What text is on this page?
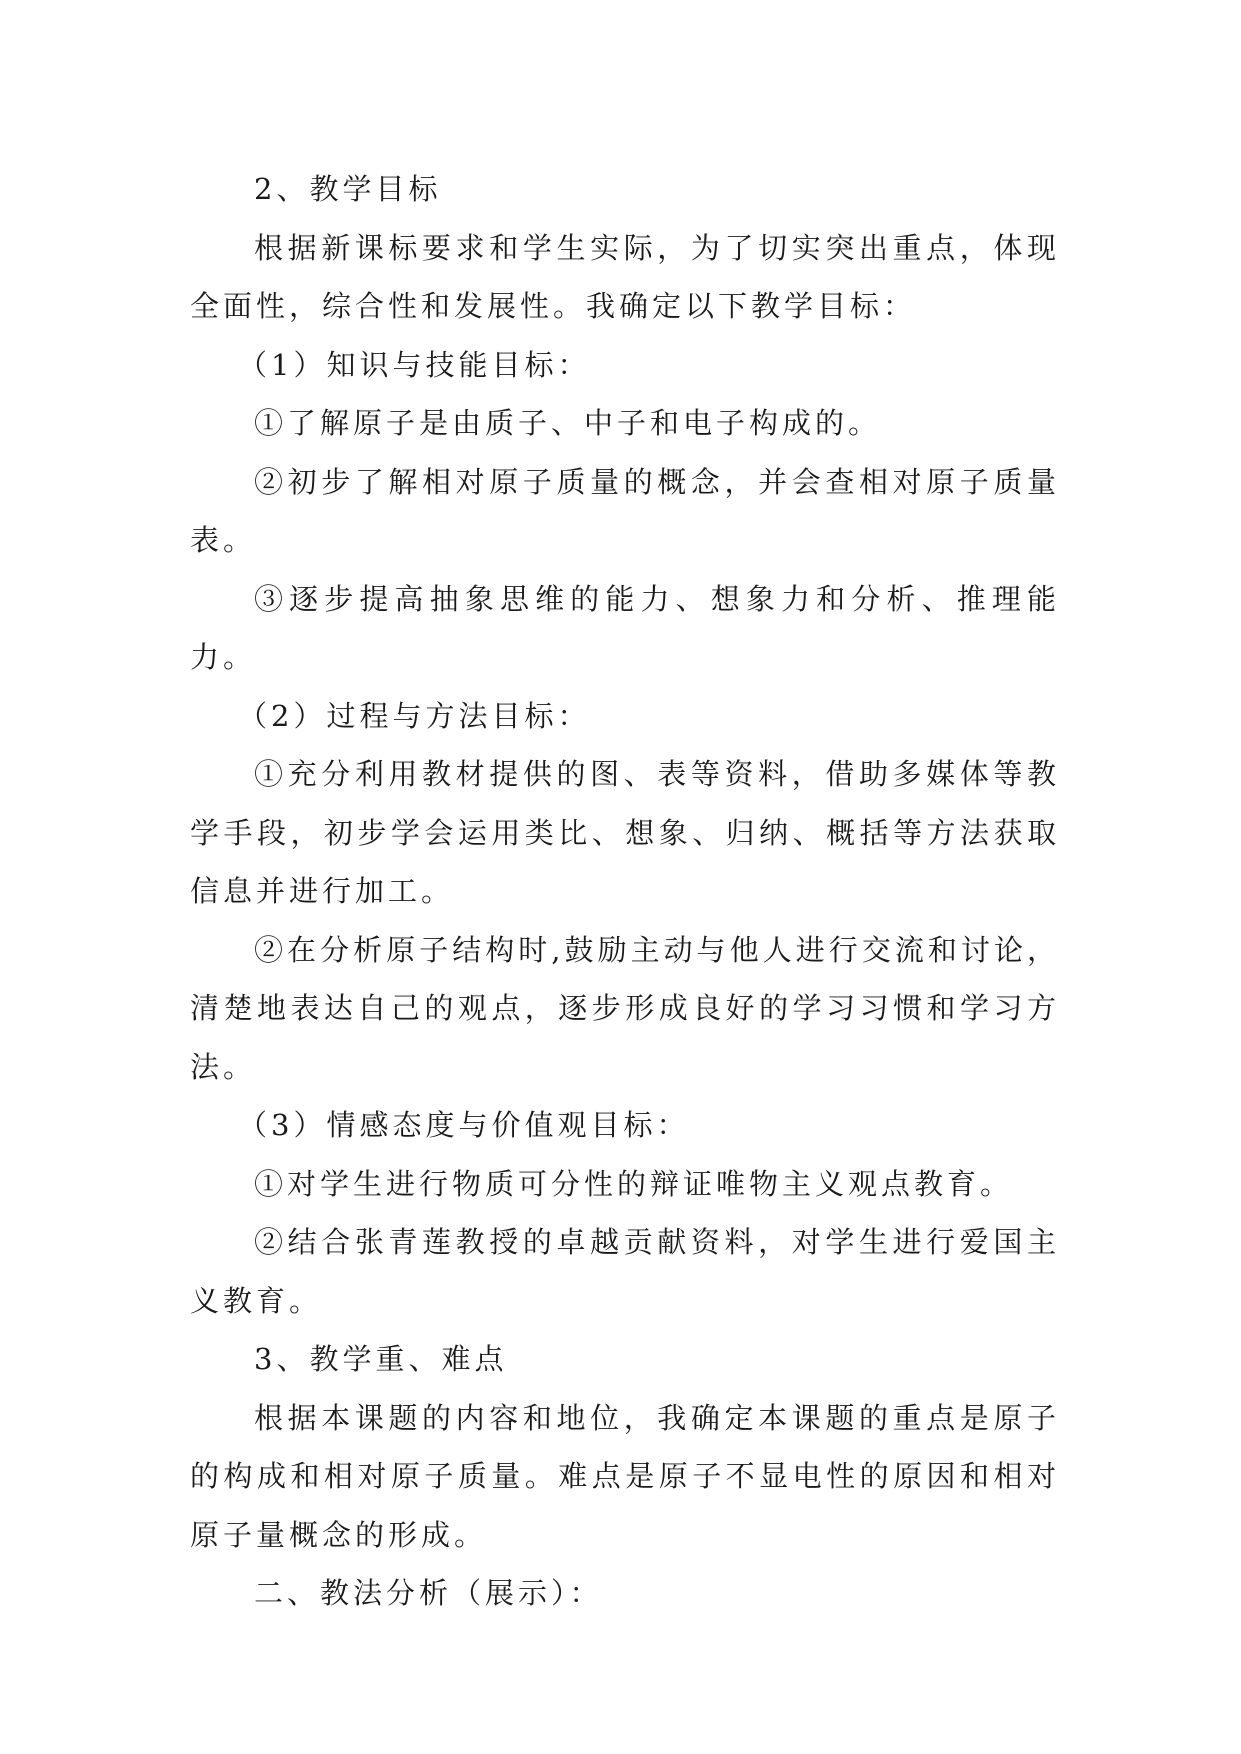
2、教学目标

根据新课标要求和学生实际，为了切实突出重点，体现全面性，综合性和发展性。我确定以下教学目标：

（1）知识与技能目标：

①了解原子是由质子、中子和电子构成的。

②初步了解相对原子质量的概念，并会查相对原子质量表。

③逐步提高抽象思维的能力、想象力和分析、推理能力。

（2）过程与方法目标：

①充分利用教材提供的图、表等资料，借助多媒体等教学手段，初步学会运用类比、想象、归纳、概括等方法获取信息并进行加工。

②在分析原子结构时,鼓励主动与他人进行交流和讨论，清楚地表达自己的观点，逐步形成良好的学习习惯和学习方法。

（3）情感态度与价值观目标：

①对学生进行物质可分性的辩证唯物主义观点教育。

②结合张青莲教授的卓越贡献资料，对学生进行爱国主义教育。

3、教学重、难点

根据本课题的内容和地位，我确定本课题的重点是原子的构成和相对原子质量。难点是原子不显电性的原因和相对原子量概念的形成。

二、教法分析（展示）：
